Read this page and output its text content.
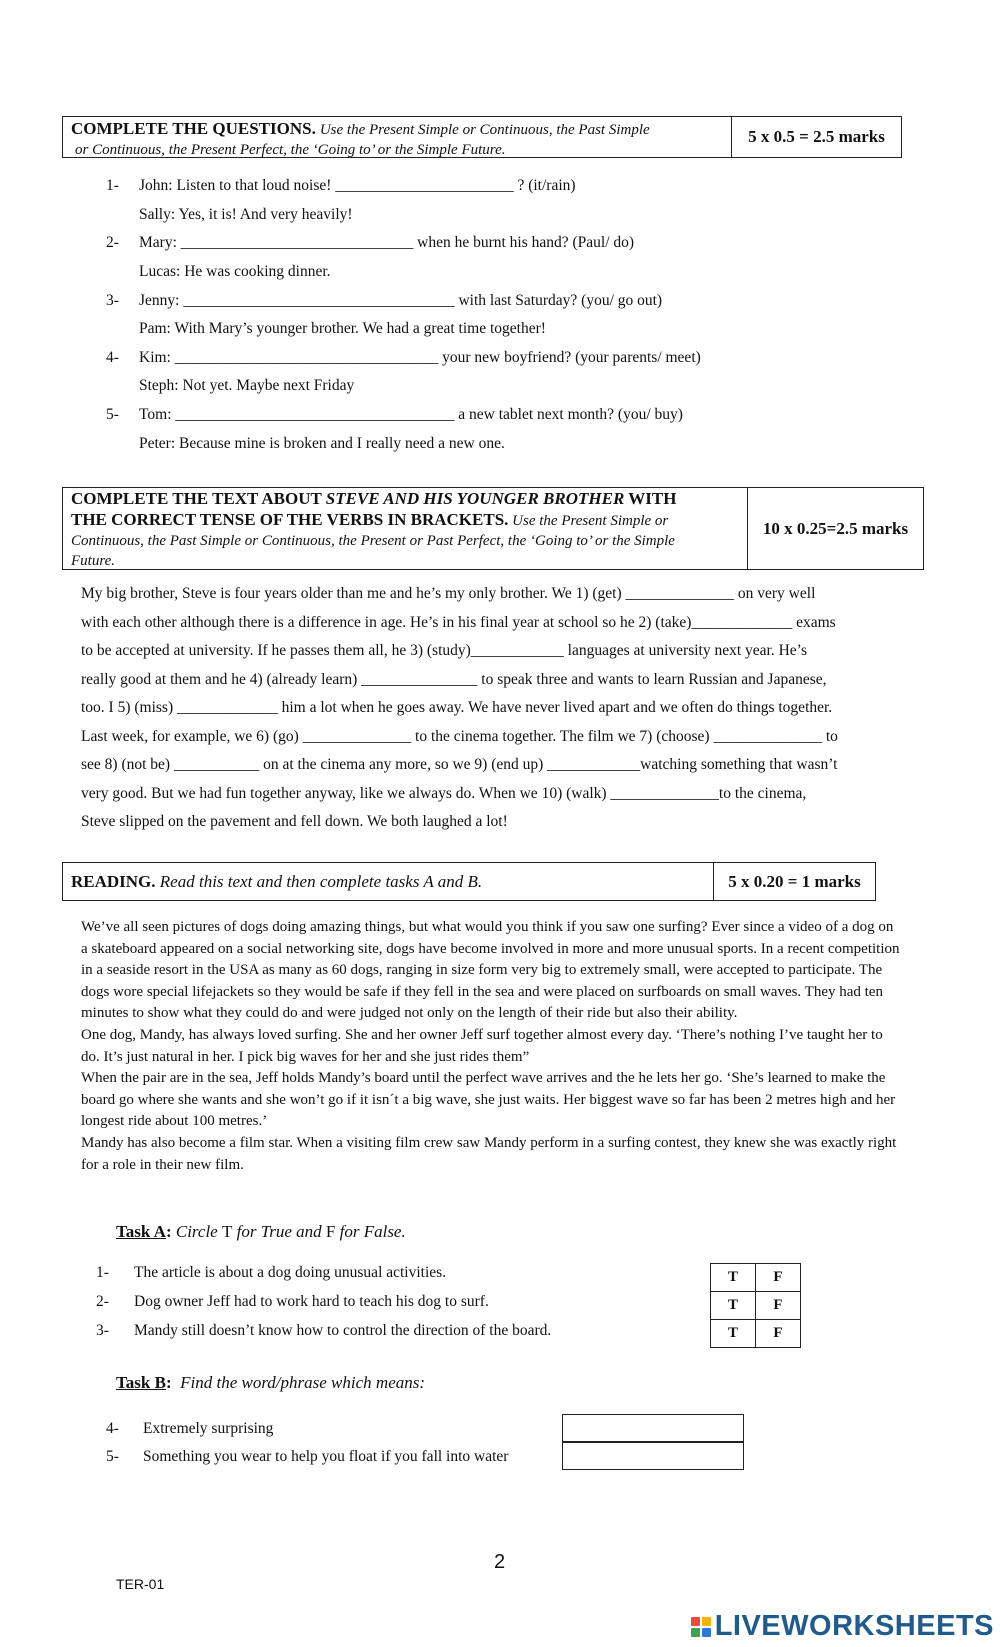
COMPLETE THE QUESTIONS. Use the Present Simple or Continuous, the Past Simple
or Continuous, the Present Perfect, the ‘Going to’ or the Simple Future.
5 x 0.5 = 2.5 marks
1- John: Listen to that loud noise! _______________________ ? (it/rain)
Sally: Yes, it is! And very heavily!
2- Mary: ______________________________ when he burnt his hand? (Paul/ do)
Lucas: He was cooking dinner.
3- Jenny: ___________________________________ with last Saturday? (you/ go out)
Pam: With Mary’s younger brother. We had a great time together!
4- Kim: __________________________________ your new boyfriend? (your parents/ meet)
Steph: Not yet. Maybe next Friday
5- Tom: ____________________________________ a new tablet next month? (you/ buy)
Peter: Because mine is broken and I really need a new one.
COMPLETE THE TEXT ABOUT STEVE AND HIS YOUNGER BROTHER WITH
THE CORRECT TENSE OF THE VERBS IN BRACKETS. Use the Present Simple or
Continuous, the Past Simple or Continuous, the Present or Past Perfect, the ‘Going to’ or the Simple
Future.
10 x 0.25=2.5 marks
My big brother, Steve is four years older than me and he’s my only brother. We 1) (get) ______________ on very well
with each other although there is a difference in age. He’s in his final year at school so he 2) (take)_____________ exams
to be accepted at university. If he passes them all, he 3) (study)____________ languages at university next year. He’s
really good at them and he 4) (already learn) _______________ to speak three and wants to learn Russian and Japanese,
too. I 5) (miss) _____________ him a lot when he goes away. We have never lived apart and we often do things together.
Last week, for example, we 6) (go) ______________ to the cinema together. The film we 7) (choose) ______________ to
see 8) (not be) ___________ on at the cinema any more, so we 9) (end up) ____________watching something that wasn’t
very good. But we had fun together anyway, like we always do. When we 10) (walk) ______________to the cinema,
Steve slipped on the pavement and fell down. We both laughed a lot!
READING. Read this text and then complete tasks A and B.	5 x 0.20 = 1 marks

We’ve all seen pictures of dogs doing amazing things, but what would you think if you saw one surfing? Ever since a video of a dog on a skateboard appeared on a social networking site, dogs have become involved in more and more unusual sports. In a recent competition in a seaside resort in the USA as many as 60 dogs, ranging in size form very big to extremely small, were accepted to participate. The dogs wore special lifejackets so they would be safe if they fell in the sea and were placed on surfboards on small waves. They had ten minutes to show what they could do and were judged not only on the length of their ride but also their ability.

One dog, Mandy, has always loved surfing. She and her owner Jeff surf together almost every day. ‘There’s nothing I’ve taught her to do. It’s just natural in her. I pick big waves for her and she just rides them”

When the pair are in the sea, Jeff holds Mandy’s board until the perfect wave arrives and the he lets her go. ‘She’s learned to make the board go where she wants and she won’t go if it isn´t a big wave, she just waits. Her biggest wave so far has been 2 metres high and her longest ride about 100 metres.’

Mandy has also become a film star. When a visiting film crew saw Mandy perform in a surfing contest, they knew she was exactly right for a role in their new film.

Task A: Circle T for True and F for False.
1- The article is about a dog doing unusual activities.
2- Dog owner Jeff had to work hard to teach his dog to surf.
3- Mandy still doesn’t know how to control the direction of the board.
T	F
T	F
T	F
Task B:  Find the word/phrase which means:
4- Extremely surprising
5- Something you wear to help you float if you fall into water
2
TER-01
LIVEWORKSHEETS
